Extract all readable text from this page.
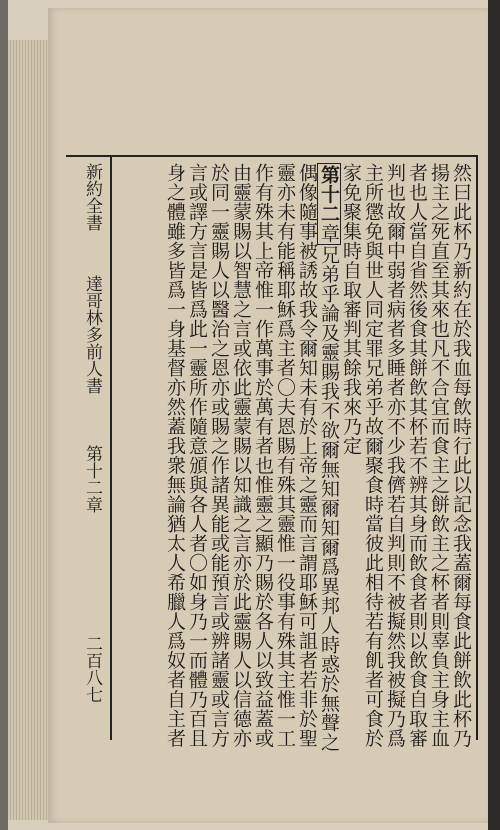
然曰此杯乃新約在於我血每飲時行此以記念我蓋爾每食此餅飲此杯乃
揚主之死直至其來也凡不合宜而食主之餅飲主之杯者則辜負主身主血
者也人當自省然後食其餅飲其杯若不辨其身而飲食者則以飲食自取審
判也故爾中弱者病者多睡者亦不少我儕若自判則不被擬然我被擬乃爲
主所懲免與世人同定罪兄弟乎故爾聚食時當彼此相待若有飢者可食於
家免聚集時自取審判其餘我來乃定
第十二章兄弟乎論及靈賜我不欲爾無知爾知爾爲異邦人時惑於無聲之
偶像隨事被誘故我令爾知未有於上帝之靈而言謂耶穌可詛者若非於聖
靈亦未有能稱耶穌爲主者〇夫恩賜有殊其靈惟一役事有殊其主惟一工
作有殊其上帝惟一作萬事於萬有者也惟靈之顯乃賜於各人以致益蓋或
由靈蒙賜以智慧之言或依此靈蒙賜以知識之言亦於此靈賜人以信德亦
於同一靈賜人以醫治之恩亦或賜之作諸異能或能預言或辨諸靈或言方
言或譯方言是皆爲此一靈所作隨意頒與各人者〇如身乃一而體乃百且
身之體雖多皆爲一身基督亦然蓋我衆無論猶太人希臘人爲奴者自主者
新約全書
達哥林多前人書
第十二章
二百八七
